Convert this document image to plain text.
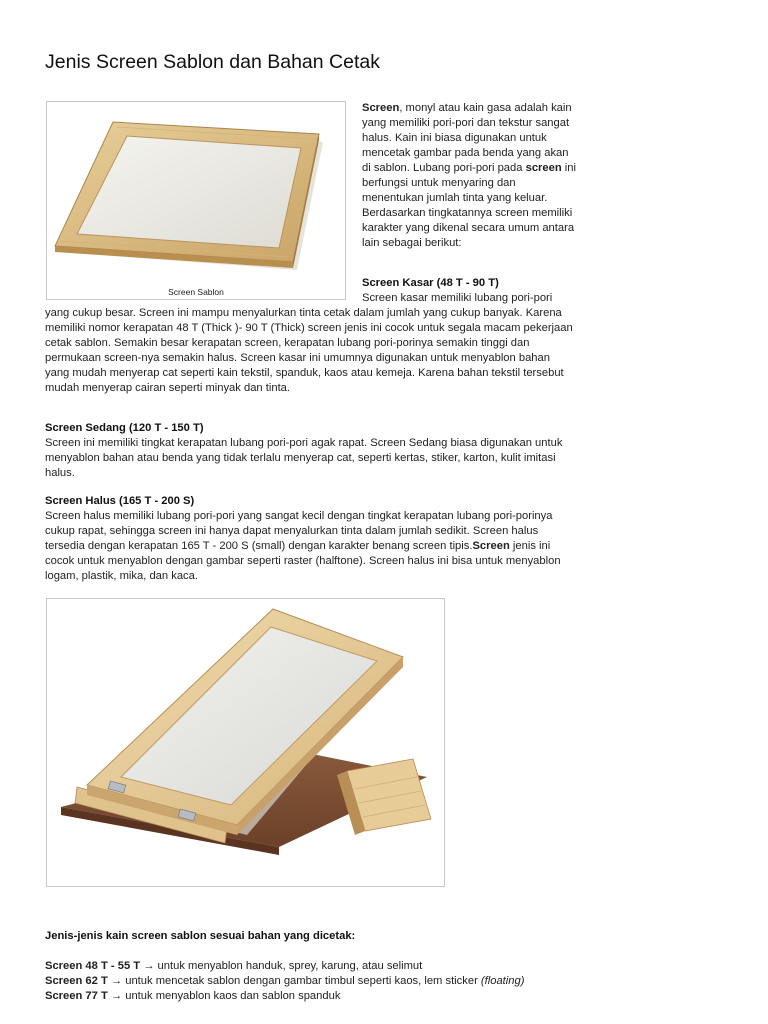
Jenis Screen Sablon dan Bahan Cetak
Screen Sablon

Screen, monyl atau kain gasa adalah kain yang memiliki pori-pori dan tekstur sangat halus. Kain ini biasa digunakan untuk mencetak gambar pada benda yang akan di sablon. Lubang pori-pori pada screen ini berfungsi untuk menyaring dan menentukan jumlah tinta yang keluar. Berdasarkan tingkatannya screen memiliki karakter yang dikenal secara umum antara lain sebagai berikut:

Screen Kasar (48 T - 90 T)
Screen kasar memiliki lubang pori-pori yang cukup besar. Screen ini mampu menyalurkan tinta cetak dalam jumlah yang cukup banyak. Karena memiliki nomor kerapatan 48 T (Thick )- 90 T (Thick) screen jenis ini cocok untuk segala macam pekerjaan cetak sablon. Semakin besar kerapatan screen, kerapatan lubang pori-porinya semakin tinggi dan permukaan screen-nya semakin halus. Screen kasar ini umumnya digunakan untuk menyablon bahan yang mudah menyerap cat seperti kain tekstil, spanduk, kaos atau kemeja. Karena bahan tekstil tersebut mudah menyerap cairan seperti minyak dan tinta.

Screen Sedang (120 T - 150 T)

Screen ini memiliki tingkat kerapatan lubang pori-pori agak rapat. Screen Sedang biasa digunakan untuk menyablon bahan atau benda yang tidak terlalu menyerap cat, seperti kertas, stiker, karton, kulit imitasi halus.

Screen Halus (165 T - 200 S)

Screen halus memiliki lubang pori-pori yang sangat kecil dengan tingkat kerapatan lubang pori-porinya cukup rapat, sehingga screen ini hanya dapat menyalurkan tinta dalam jumlah sedikit. Screen halus tersedia dengan kerapatan 165 T - 200 S (small) dengan karakter benang screen tipis.Screen jenis ini cocok untuk menyablon dengan gambar seperti raster (halftone). Screen halus ini bisa untuk menyablon logam, plastik, mika, dan kaca.

Jenis-jenis kain screen sablon sesuai bahan yang dicetak:

Screen 48 T - 55 T → untuk menyablon handuk, sprey, karung, atau selimut

Screen 62 T → untuk mencetak sablon dengan gambar timbul seperti kaos, lem sticker (floating)

Screen 77 T → untuk menyablon kaos dan sablon spanduk
